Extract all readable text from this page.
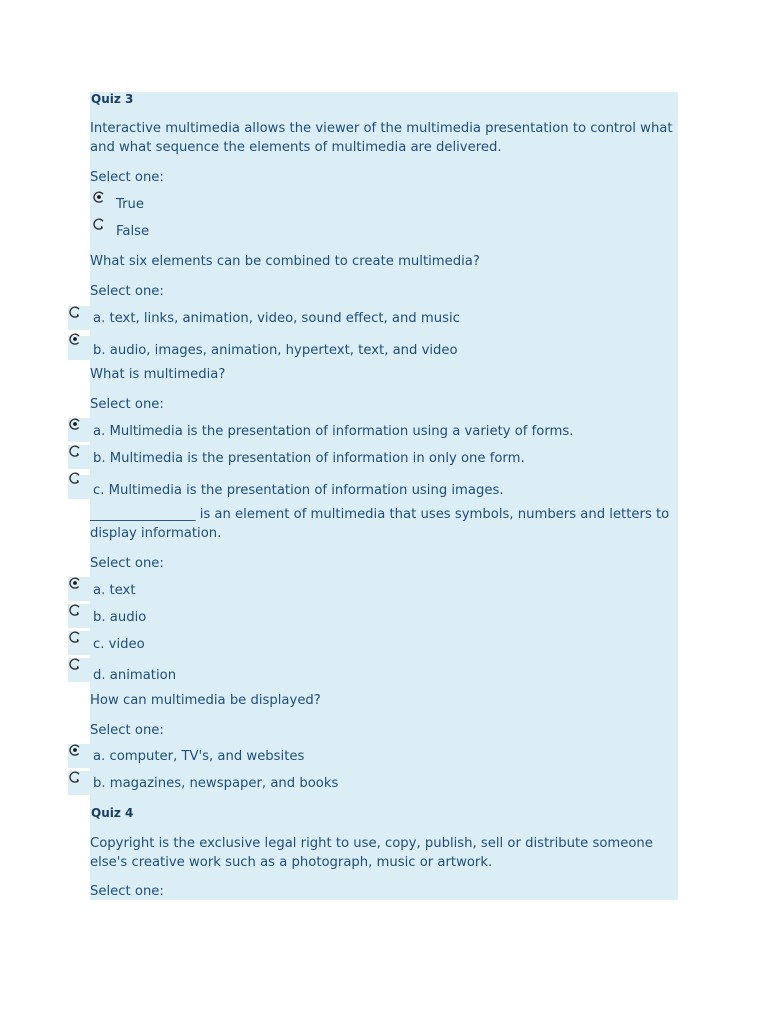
Quiz 3

Interactive multimedia allows the viewer of the multimedia presentation to control what and what sequence the elements of multimedia are delivered.

Select one:

True

False

What six elements can be combined to create multimedia?

Select one:

a. text, links, animation, video, sound effect, and music

b. audio, images, animation, hypertext, text, and video

What is multimedia?

Select one:

a. Multimedia is the presentation of information using a variety of forms.

b. Multimedia is the presentation of information in only one form.

c. Multimedia is the presentation of information using images.

________________ is an element of multimedia that uses symbols, numbers and letters to display information.

Select one:

a. text

b. audio

c. video

d. animation

How can multimedia be displayed?

Select one:

a. computer, TV's, and websites

b. magazines, newspaper, and books

Quiz 4

Copyright is the exclusive legal right to use, copy, publish, sell or distribute someone else's creative work such as a photograph, music or artwork.

Select one:
